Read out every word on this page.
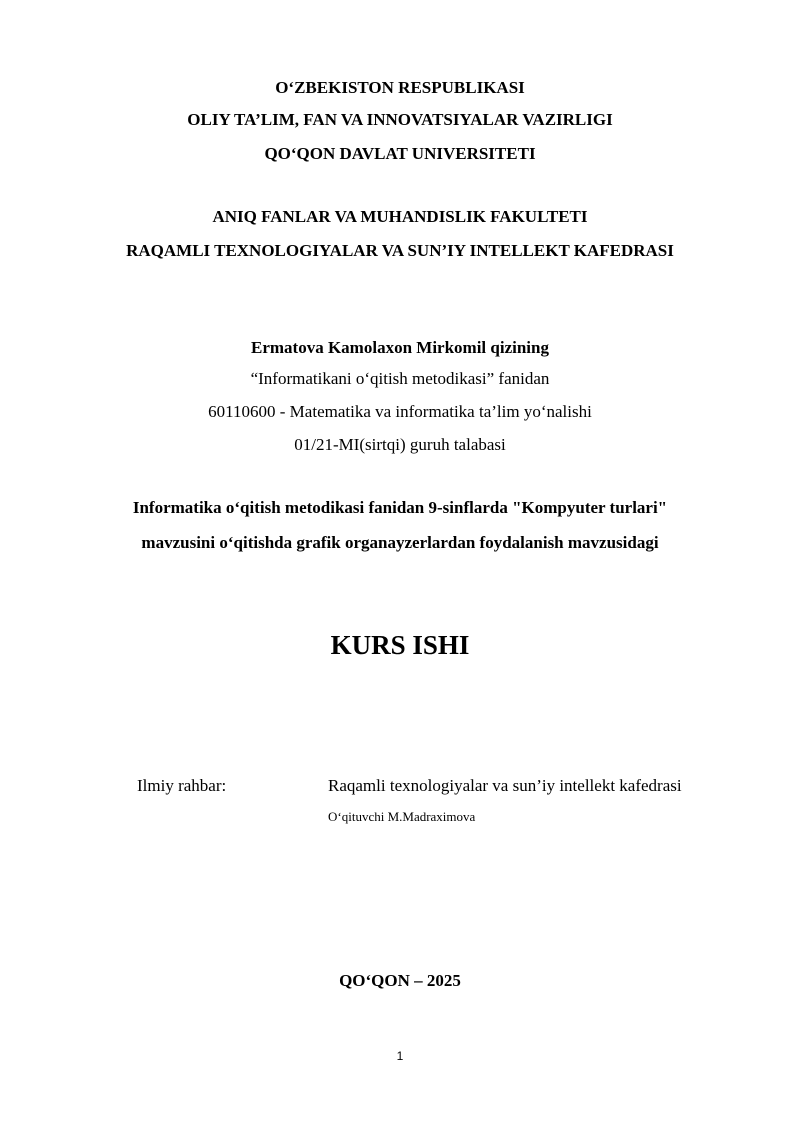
O‘ZBEKISTON RESPUBLIKASI
OLIY TA’LIM, FAN VA INNOVATSIYALAR VAZIRLIGI
QO‘QON DAVLAT UNIVERSITETI
ANIQ FANLAR VA MUHANDISLIK FAKULTETI
RAQAMLI TEXNOLOGIYALAR VA SUN’IY INTELLEKT KAFEDRASI
Ermatova Kamolaxon Mirkomil qizining
“Informatikani o‘qitish metodikasi” fanidan
60110600 - Matematika va informatika ta’lim yo‘nalishi
01/21-MI(sirtqi) guruh talabasi
Informatika o‘qitish metodikasi fanidan 9-sinflarda "Kompyuter turlari"
mavzusini o‘qitishda grafik organayzerlardan foydalanish mavzusidagi
KURS ISHI
Ilmiy rahbar:	Raqamli texnologiyalar va sun’iy intellekt kafedrasi
O‘qituvchi M.Madraximova
QO‘QON – 2025
1
